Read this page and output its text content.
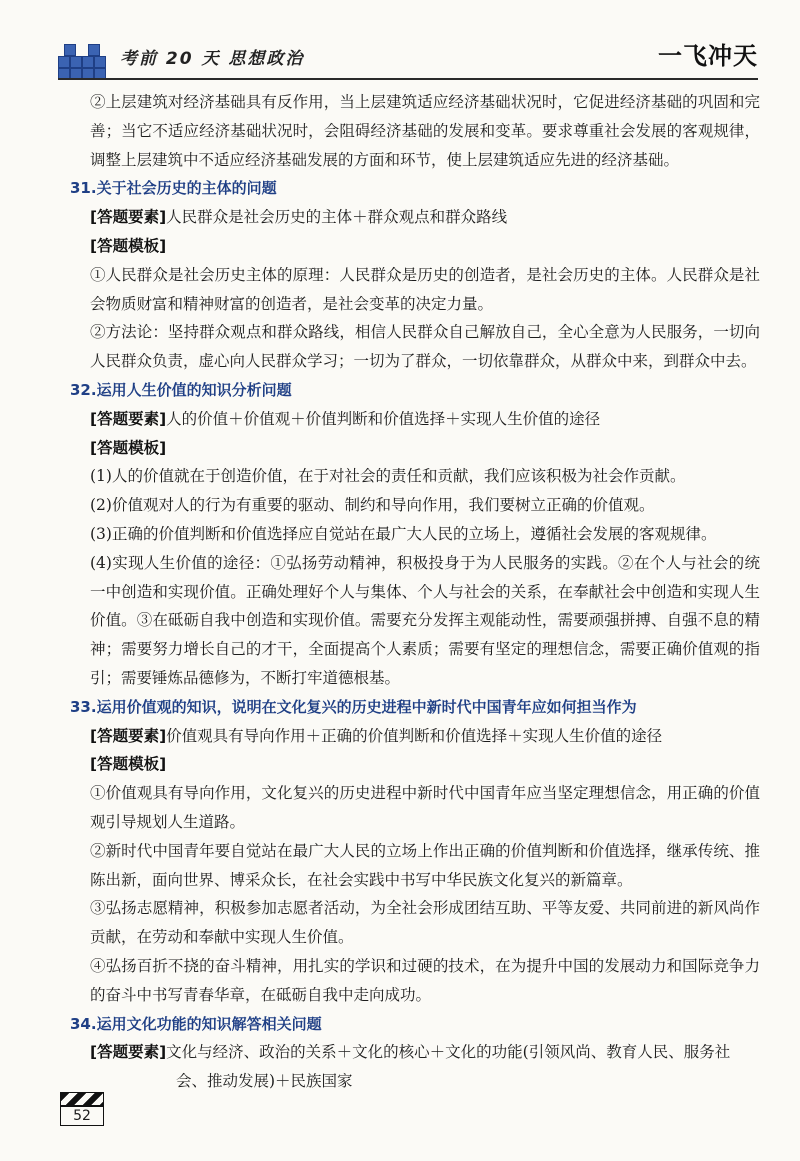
考前 20 天 思想政治	一飞冲天

②上层建筑对经济基础具有反作用，当上层建筑适应经济基础状况时，它促进经济基础的巩固和完善；当它不适应经济基础状况时，会阻碍经济基础的发展和变革。要求尊重社会发展的客观规律，调整上层建筑中不适应经济基础发展的方面和环节，使上层建筑适应先进的经济基础。

31.关于社会历史的主体的问题

[答题要素]人民群众是社会历史的主体＋群众观点和群众路线

[答题模板]

①人民群众是社会历史主体的原理：人民群众是历史的创造者，是社会历史的主体。人民群众是社会物质财富和精神财富的创造者，是社会变革的决定力量。

②方法论：坚持群众观点和群众路线，相信人民群众自己解放自己，全心全意为人民服务，一切向人民群众负责，虚心向人民群众学习；一切为了群众，一切依靠群众，从群众中来，到群众中去。

32.运用人生价值的知识分析问题

[答题要素]人的价值＋价值观＋价值判断和价值选择＋实现人生价值的途径

[答题模板]

(1)人的价值就在于创造价值，在于对社会的责任和贡献，我们应该积极为社会作贡献。

(2)价值观对人的行为有重要的驱动、制约和导向作用，我们要树立正确的价值观。

(3)正确的价值判断和价值选择应自觉站在最广大人民的立场上，遵循社会发展的客观规律。

(4)实现人生价值的途径：①弘扬劳动精神，积极投身于为人民服务的实践。②在个人与社会的统一中创造和实现价值。正确处理好个人与集体、个人与社会的关系，在奉献社会中创造和实现人生价值。③在砥砺自我中创造和实现价值。需要充分发挥主观能动性，需要顽强拼搏、自强不息的精神；需要努力增长自己的才干，全面提高个人素质；需要有坚定的理想信念，需要正确价值观的指引；需要锤炼品德修为，不断打牢道德根基。

33.运用价值观的知识，说明在文化复兴的历史进程中新时代中国青年应如何担当作为

[答题要素]价值观具有导向作用＋正确的价值判断和价值选择＋实现人生价值的途径

[答题模板]

①价值观具有导向作用，文化复兴的历史进程中新时代中国青年应当坚定理想信念，用正确的价值观引导规划人生道路。

②新时代中国青年要自觉站在最广大人民的立场上作出正确的价值判断和价值选择，继承传统、推陈出新，面向世界、博采众长，在社会实践中书写中华民族文化复兴的新篇章。

③弘扬志愿精神，积极参加志愿者活动，为全社会形成团结互助、平等友爱、共同前进的新风尚作贡献，在劳动和奉献中实现人生价值。

④弘扬百折不挠的奋斗精神，用扎实的学识和过硬的技术，在为提升中国的发展动力和国际竞争力的奋斗中书写青春华章，在砥砺自我中走向成功。

34.运用文化功能的知识解答相关问题

[答题要素]文化与经济、政治的关系＋文化的核心＋文化的功能(引领风尚、教育人民、服务社

会、推动发展)＋民族国家

52
